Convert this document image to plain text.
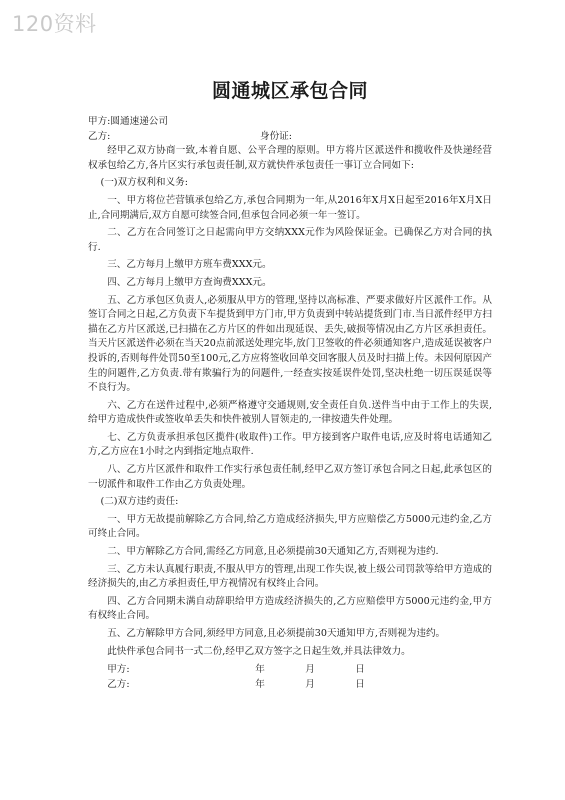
120资料
圆通城区承包合同
甲方:圆通速递公司
乙方:	身份证:

经甲乙双方协商一致,本着自愿、公平合理的原则。甲方将片区派送件和揽收件及快递经营权承包给乙方,各片区实行承包责任制,双方就快件承包责任一事订立合同如下:

(一)双方权利和义务:

一、甲方将位芒营镇承包给乙方,承包合同期为一年,从2016年X月X日起至2016年X月X日止,合同期满后,双方自愿可续签合同,但承包合同必须一年一签订。

二、乙方在合同签订之日起需向甲方交纳XXX元作为风险保证金。已确保乙方对合同的执行.

三、乙方每月上缴甲方班车费XXX元。

四、乙方每月上缴甲方查询费XXX元。

五、乙方承包区负责人,必须服从甲方的管理,坚持以高标准、严要求做好片区派件工作。从签订合同之日起,乙方负责下车提货到甲方门市,甲方负责到中转站提货到门市.当日派件经甲方扫描在乙方片区派送,已扫描在乙方片区的件如出现延误、丢失,破损等情况由乙方片区承担责任。当天片区派送件必须在当天20点前派送处理完毕,放门卫签收的件必须通知客户,造成延误被客户投诉的,否则每件处罚50至100元,乙方应将签收回单交回客服人员及时扫描上传。未因何原因产生的问题件,乙方负责.带有欺骗行为的问题件,一经查实按延误件处罚,坚决杜绝一切压误延误等不良行为。

六、乙方在送件过程中,必须严格遵守交通规则,安全责任自负.送件当中由于工作上的失误,给甲方造成快件或签收单丢失和快件被别人冒领走的,一律按遗失件处理。

七、乙方负责承担承包区揽件(收取件)工作。甲方接到客户取件电话,应及时将电话通知乙方,乙方应在1小时之内到指定地点取件.

八、乙方片区派件和取件工作实行承包责任制,经甲乙双方签订承包合同之日起,此承包区的一切派件和取件工作由乙方负责处理。

(二)双方违约责任:

一、甲方无故提前解除乙方合同,给乙方造成经济损失,甲方应赔偿乙方5000元违约金,乙方可终止合同。

二、甲方解除乙方合同,需经乙方同意,且必须提前30天通知乙方,否则视为违约.

三、乙方未认真履行职责,不服从甲方的管理,出现工作失误,被上级公司罚款等给甲方造成的经济损失的,由乙方承担责任,甲方视情况有权终止合同。

四、乙方合同期未满自动辞职给甲方造成经济损失的,乙方应赔偿甲方5000元违约金,甲方有权终止合同。

五、乙方解除甲方合同,须经甲方同意,且必须提前30天通知甲方,否则视为违约。

此快件承包合同书一式二份,经甲乙双方签字之日起生效,并具法律效力。

甲方:	年	月	日
乙方:	年	月	日
